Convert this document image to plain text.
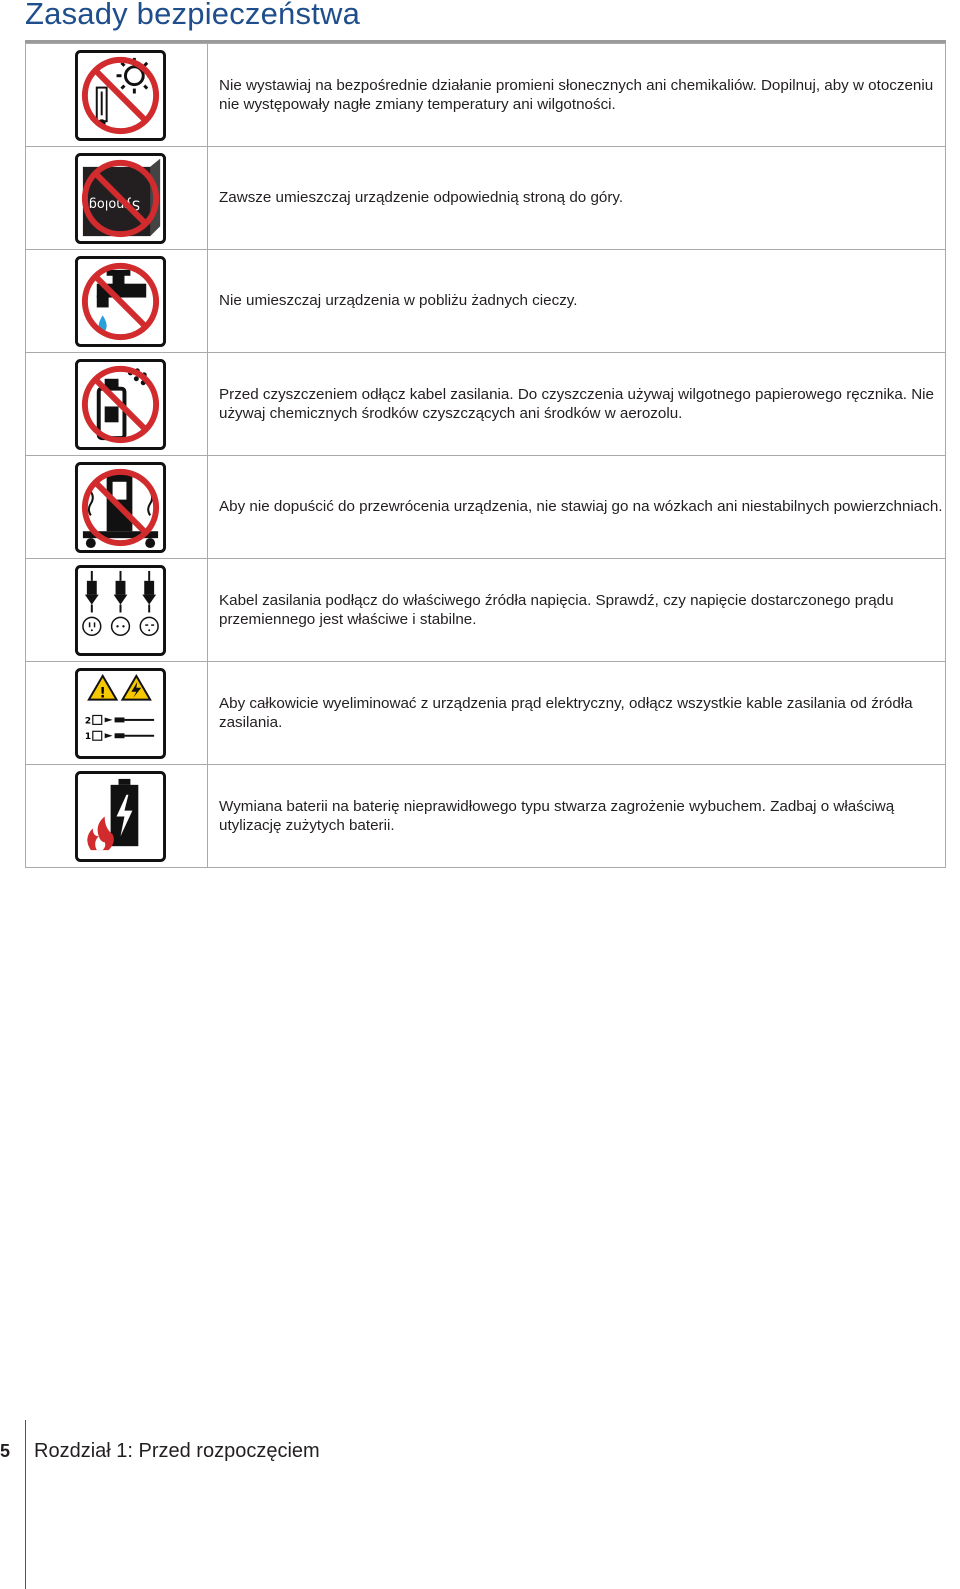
Zasady bezpieczeństwa
	Nie wystawiaj na bezpośrednie działanie promieni słonecznych ani chemikaliów. Dopilnuj, aby w otoczeniu nie występowały nagłe zmiany temperatury ani wilgotności.

Synology	Zawsze umieszczaj urządzenie odpowiednią stroną do góry.

	Nie umieszczaj urządzenia w pobliżu żadnych cieczy.

	Przed czyszczeniem odłącz kabel zasilania. Do czyszczenia używaj wilgotnego papierowego ręcznika. Nie używaj chemicznych środków czyszczących ani środków w aerozolu.

	Aby nie dopuścić do przewrócenia urządzenia, nie stawiaj go na wózkach ani niestabilnych powierzchniach.

	Kabel zasilania podłącz do właściwego źródła napięcia. Sprawdź, czy napięcie dostarczonego prądu przemiennego jest właściwe i stabilne.

!
2
1	Aby całkowicie wyeliminować z urządzenia prąd elektryczny, odłącz wszystkie kable zasilania od źródła zasilania.

	Wymiana baterii na baterię nieprawidłowego typu stwarza zagrożenie wybuchem. Zadbaj o właściwą utylizację zużytych baterii.
5 Rozdział 1: Przed rozpoczęciem
